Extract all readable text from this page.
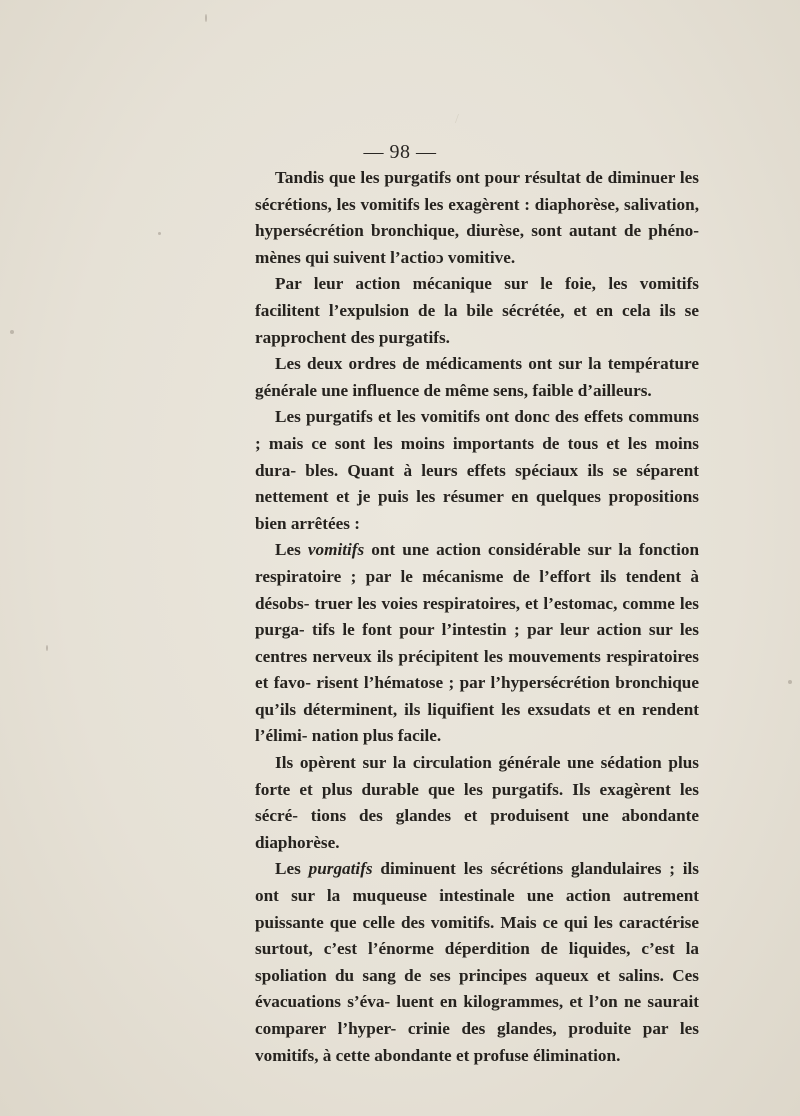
\
— 98 —

Tandis que les purgatifs ont pour résultat de diminuer les sécrétions, les vomitifs les exagèrent : diaphorèse, salivation, hypersécrétion bronchique, diurèse, sont autant de phéno- mènes qui suivent l’actioɔ vomitive.

Par leur action mécanique sur le foie, les vomitifs facilitent l’expulsion de la bile sécrétée, et en cela ils se rapprochent des purgatifs.

Les deux ordres de médicaments ont sur la température générale une influence de même sens, faible d’ailleurs.

Les purgatifs et les vomitifs ont donc des effets communs ; mais ce sont les moins importants de tous et les moins dura- bles. Quant à leurs effets spéciaux ils se séparent nettement et je puis les résumer en quelques propositions bien arrêtées :

Les vomitifs ont une action considérable sur la fonction respiratoire ; par le mécanisme de l’effort ils tendent à désobs- truer les voies respiratoires, et l’estomac, comme les purga- tifs le font pour l’intestin ; par leur action sur les centres nerveux ils précipitent les mouvements respiratoires et favo- risent l’hématose ; par l’hypersécrétion bronchique qu’ils déterminent, ils liquifient les exsudats et en rendent l’élimi- nation plus facile.

Ils opèrent sur la circulation générale une sédation plus forte et plus durable que les purgatifs. Ils exagèrent les sécré- tions des glandes et produisent une abondante diaphorèse.

Les purgatifs diminuent les sécrétions glandulaires ; ils ont sur la muqueuse intestinale une action autrement puissante que celle des vomitifs. Mais ce qui les caractérise surtout, c’est l’énorme déperdition de liquides, c’est la spoliation du sang de ses principes aqueux et salins. Ces évacuations s’éva- luent en kilogrammes, et l’on ne saurait comparer l’hyper- crinie des glandes, produite par les vomitifs, à cette abondante et profuse élimination.
